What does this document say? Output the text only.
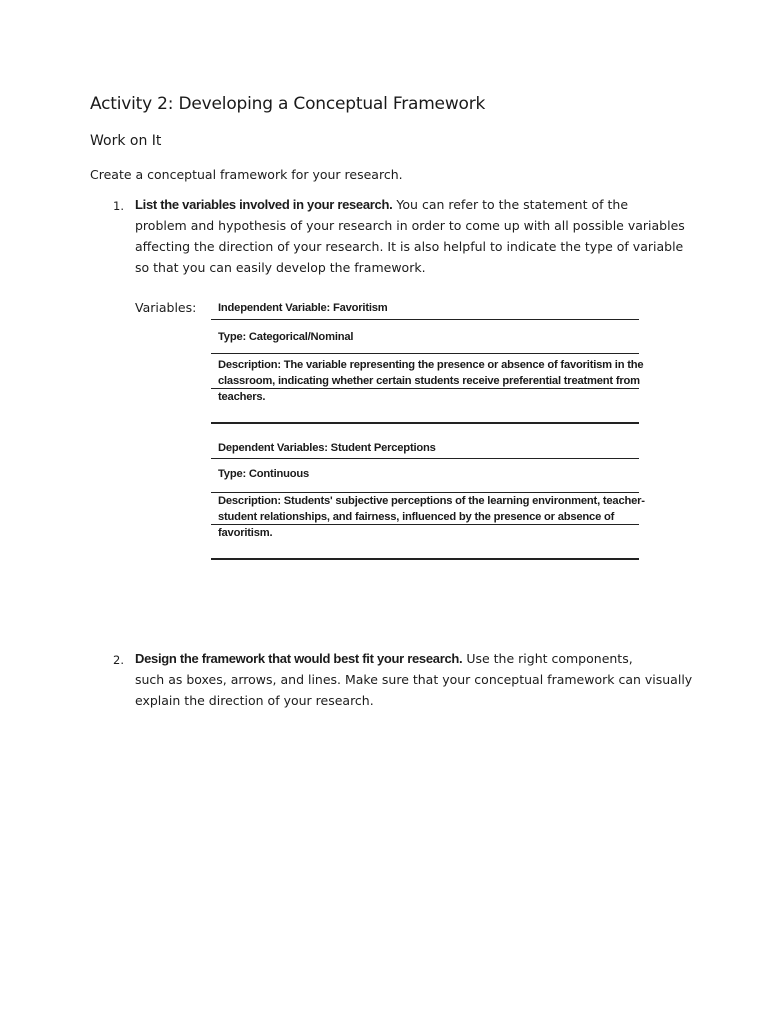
Activity 2: Developing a Conceptual Framework
Work on It
Create a conceptual framework for your research.
1. List the variables involved in your research. You can refer to the statement of the
problem and hypothesis of your research in order to come up with all possible variables
affecting the direction of your research. It is also helpful to indicate the type of variable
so that you can easily develop the framework.
Variables: Independent Variable: Favoritism
Type: Categorical/Nominal
Description: The variable representing the presence or absence of favoritism in the
classroom, indicating whether certain students receive preferential treatment from
teachers.
Dependent Variables: Student Perceptions
Type: Continuous
Description: Students' subjective perceptions of the learning environment, teacher-
student relationships, and fairness, influenced by the presence or absence of
favoritism.
2. Design the framework that would best fit your research. Use the right components,
such as boxes, arrows, and lines. Make sure that your conceptual framework can visually
explain the direction of your research.
